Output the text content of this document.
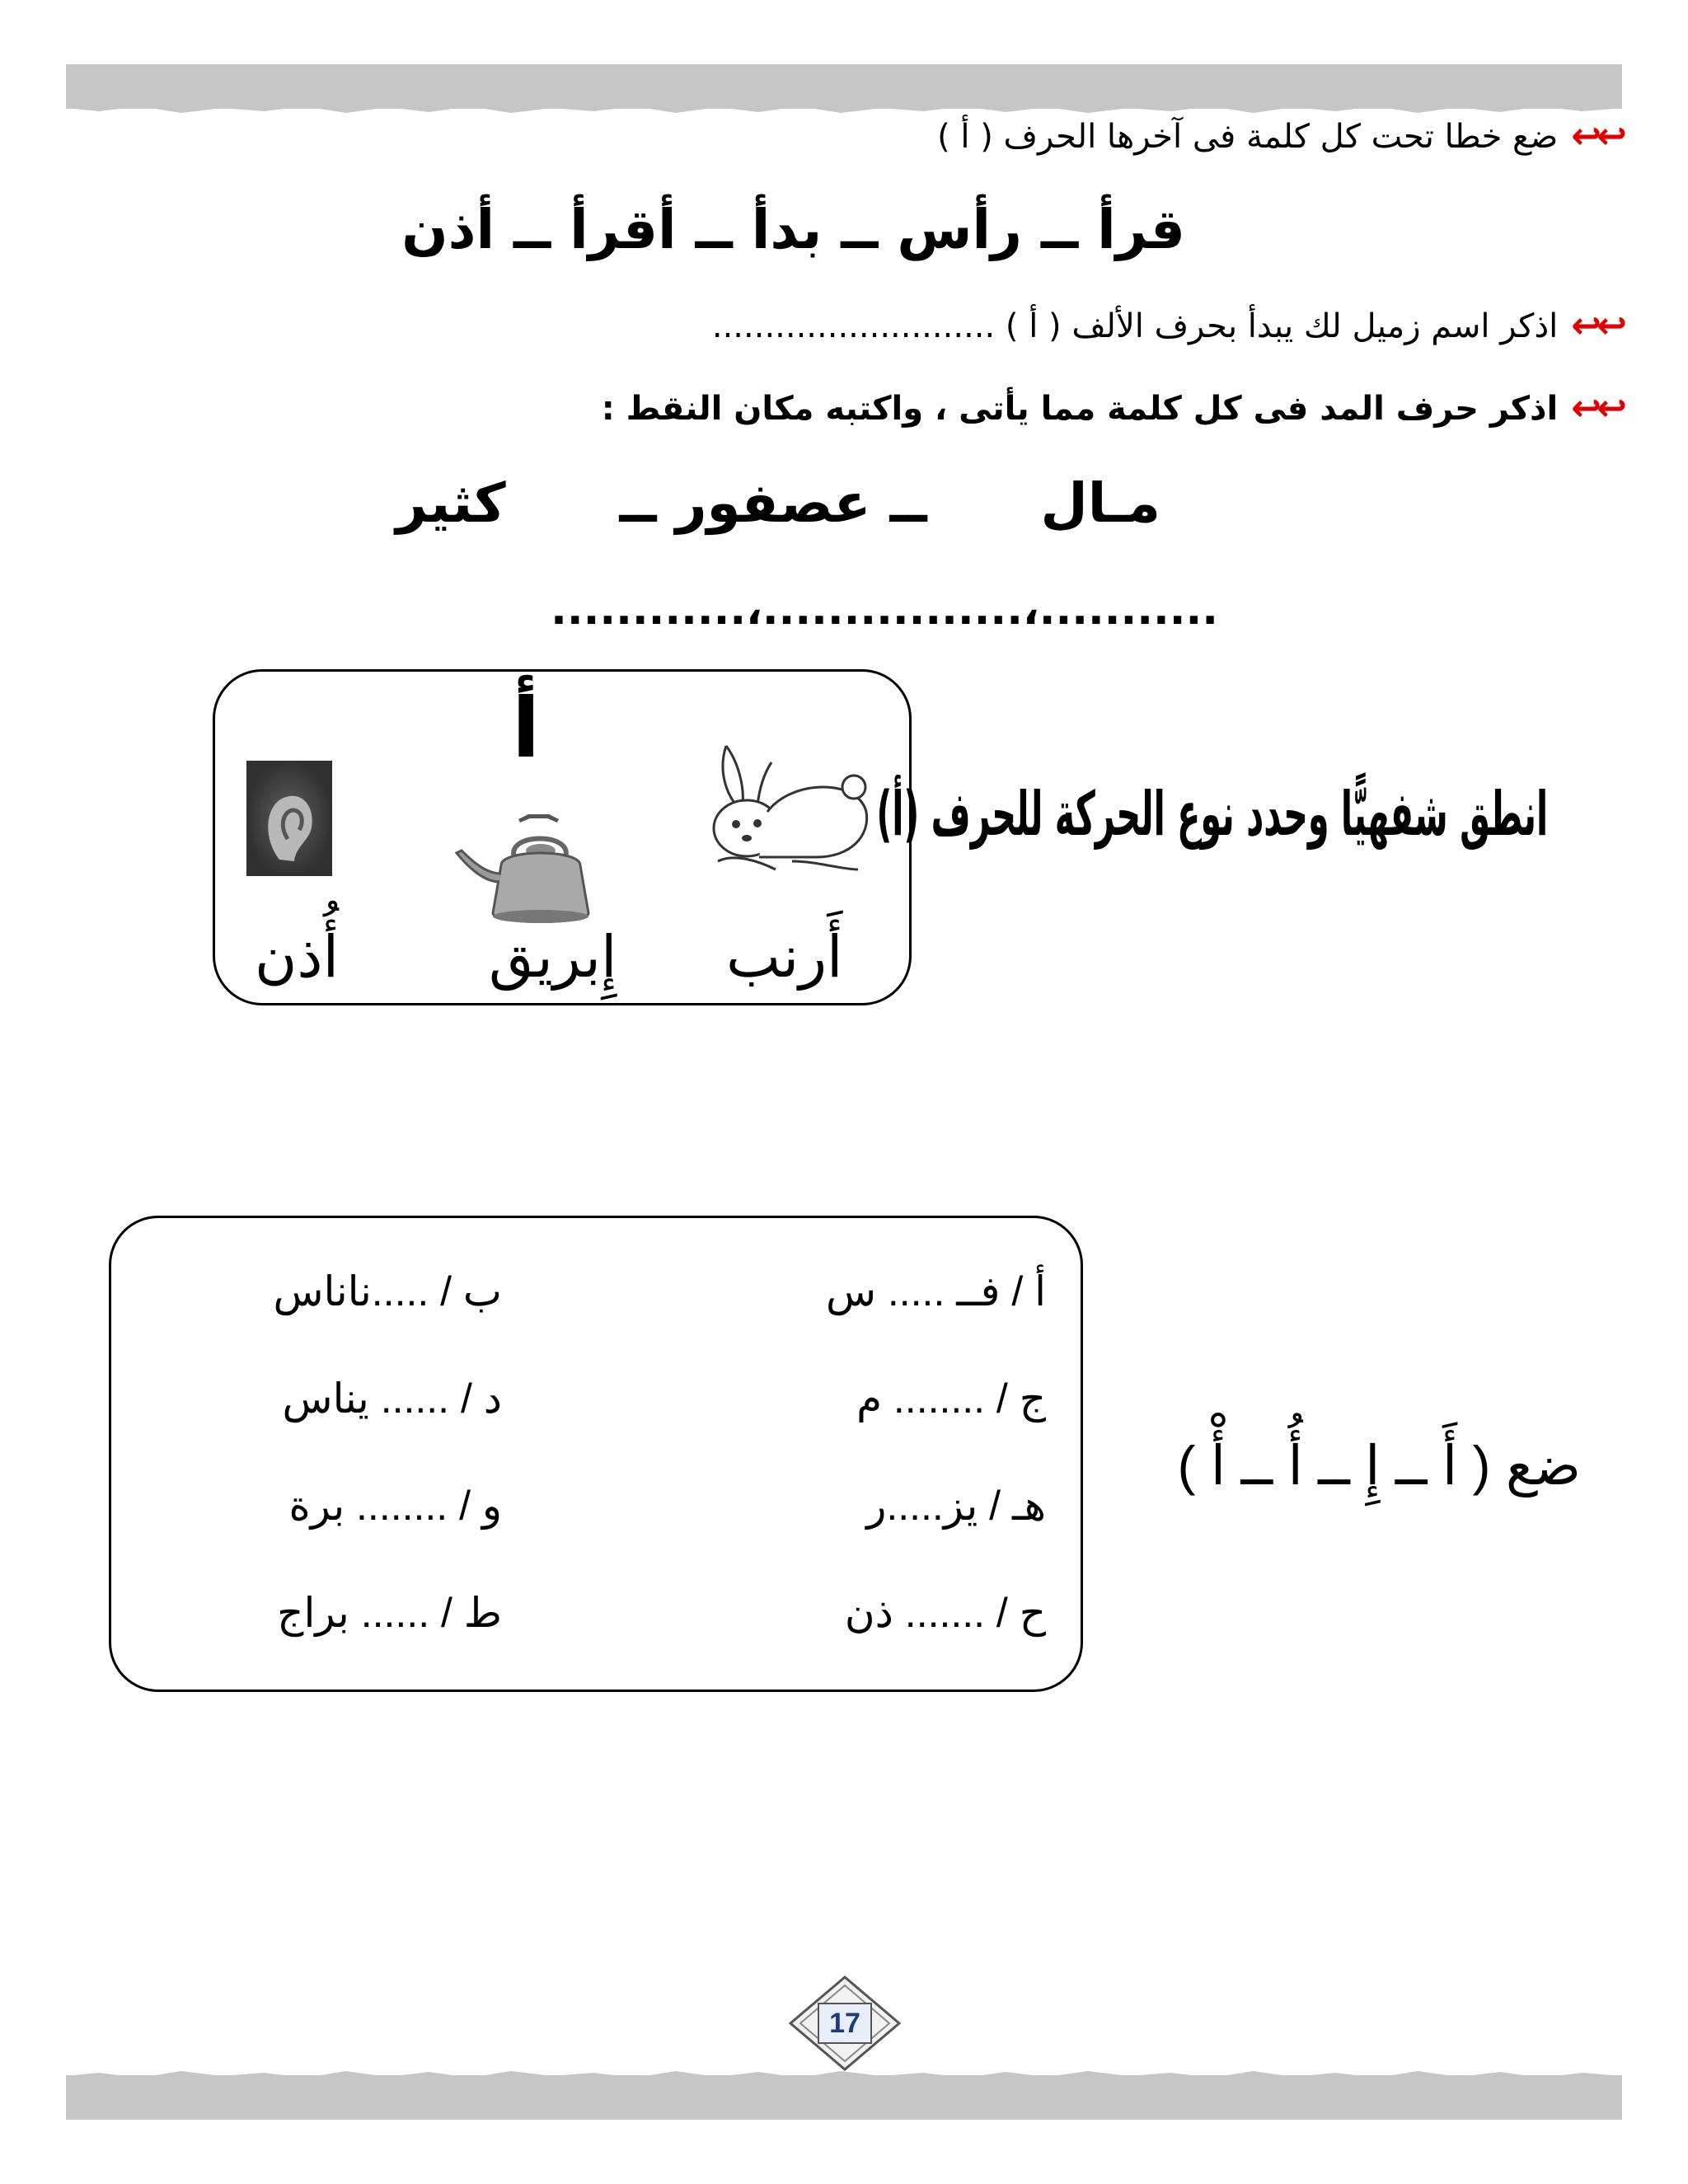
↩↩
ضع خطا تحت كل كلمة فى آخرها الحرف ( أ )
قرأ ــ رأس ــ بدأ ــ أقرأ ــ أذن
↩↩
اذكر اسم زميل لك يبدأ بحرف الألف ( أ ) ...........................
↩↩
اذكر حرف المد فى كل كلمة مما يأتى ، واكتبه مكان النقط :
مـال      ــ عصفور ــ      كثير
...........،................،............
أُذن
أ
إِبريق أَرنب
انطق شفهيًّا وحدد نوع الحركة للحرف (أ)
أ / فــ ..... س
ب / .....ناناس
ج / ........ م
د / ...... يناس
هـ / يز.....ر
و / ........ برة
ح / ....... ذن
ط / ...... براج
ضع ( أَ ــ إِ ــ أُ ــ أْ )
17
